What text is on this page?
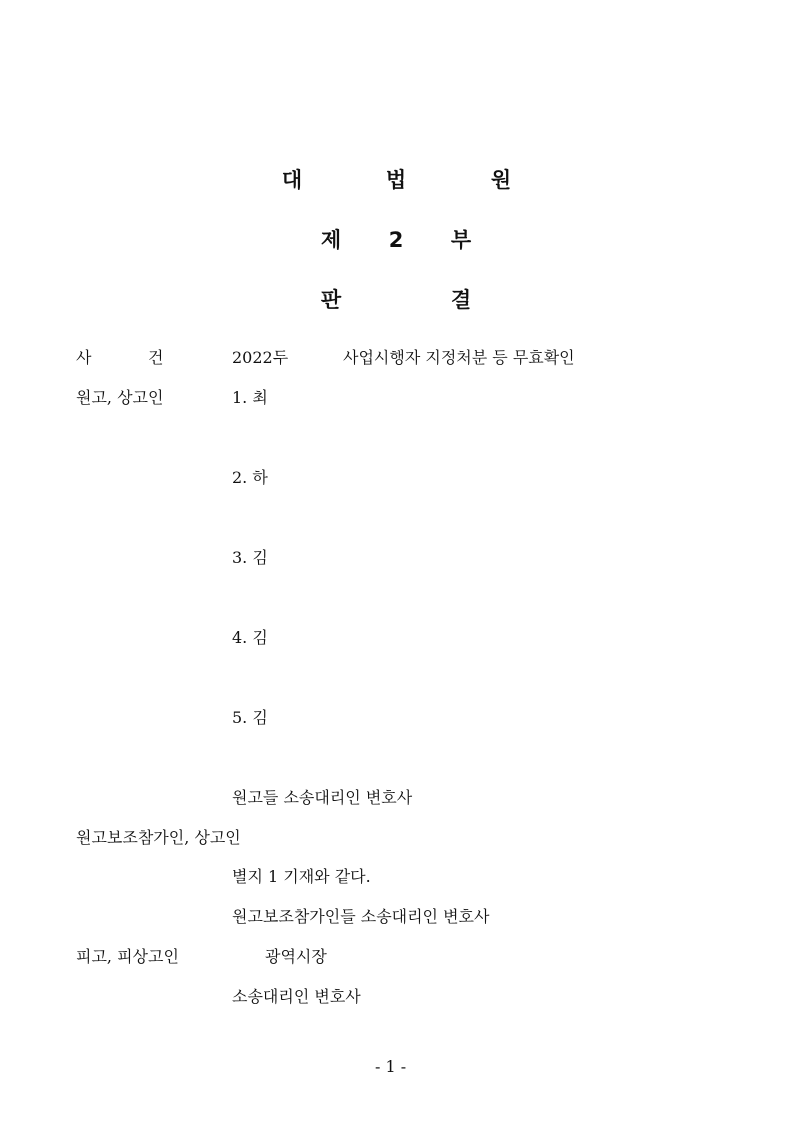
대	법	원
제 2 부
판	결
사	건	2022두	사업시행자 지정처분 등 무효확인
원고, 상고인	1. 최
2. 하
3. 김
4. 김
5. 김
원고들 소송대리인 변호사
원고보조참가인, 상고인
별지 1 기재와 같다.
원고보조참가인들 소송대리인 변호사
피고, 피상고인	광역시장
소송대리인 변호사
- 1 -
